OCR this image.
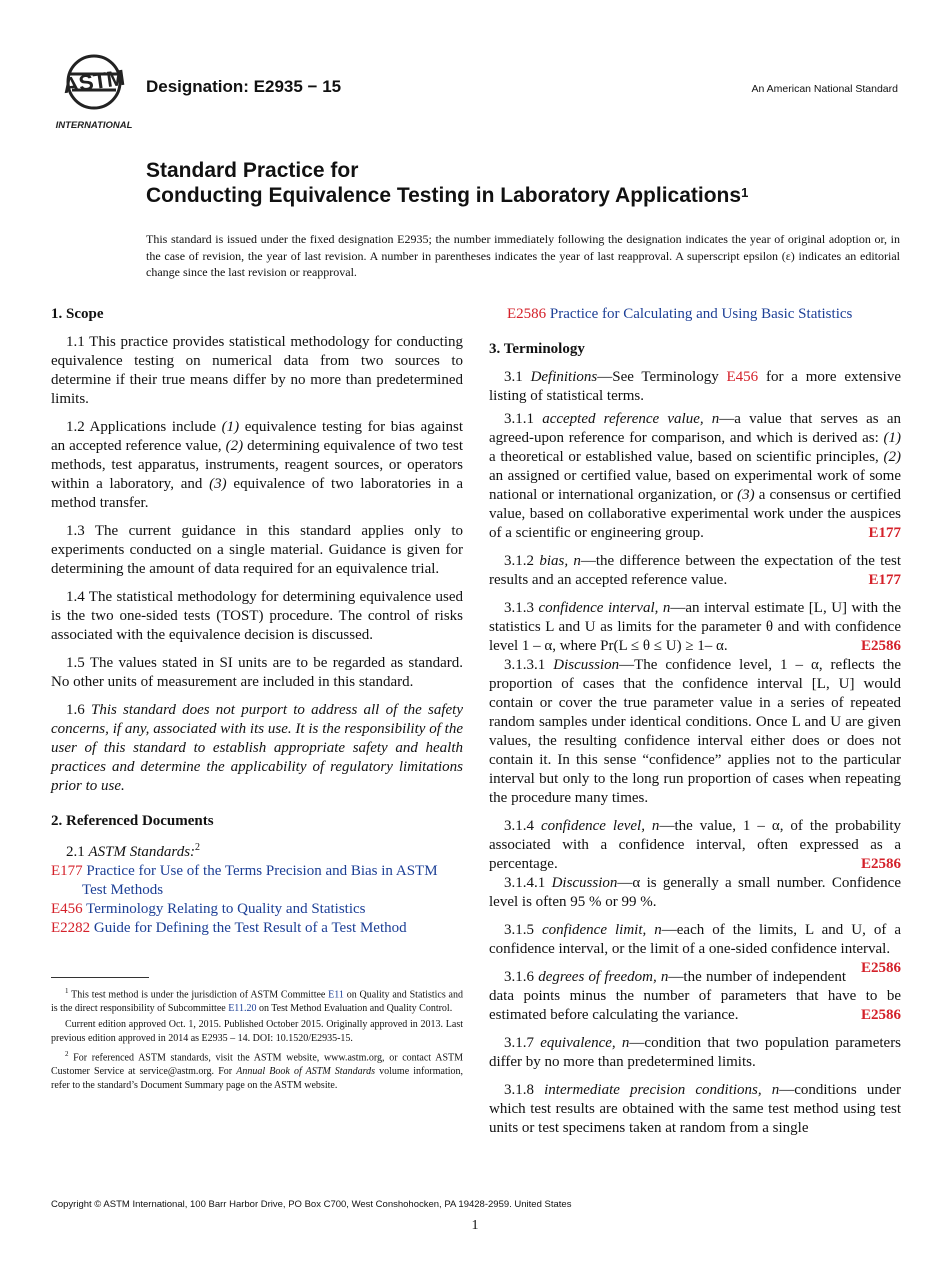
ASTM
INTERNATIONAL
Designation: E2935 − 15	An American National Standard
Standard Practice for
Conducting Equivalence Testing in Laboratory Applications$^1$
This standard is issued under the fixed designation E2935; the number immediately following the designation indicates the year of original adoption or, in the case of revision, the year of last revision. A number in parentheses indicates the year of last reapproval. A superscript epsilon (ε) indicates an editorial change since the last revision or reapproval.

1. Scope

1.1 This practice provides statistical methodology for conducting equivalence testing on numerical data from two sources to determine if their true means differ by no more than predetermined limits.

1.2 Applications include (1) equivalence testing for bias against an accepted reference value, (2) determining equivalence of two test methods, test apparatus, instruments, reagent sources, or operators within a laboratory, and (3) equivalence of two laboratories in a method transfer.

1.3 The current guidance in this standard applies only to experiments conducted on a single material. Guidance is given for determining the amount of data required for an equivalence trial.

1.4 The statistical methodology for determining equivalence used is the two one-sided tests (TOST) procedure. The control of risks associated with the equivalence decision is discussed.

1.5 The values stated in SI units are to be regarded as standard. No other units of measurement are included in this standard.

1.6 This standard does not purport to address all of the safety concerns, if any, associated with its use. It is the responsibility of the user of this standard to establish appropriate safety and health practices and determine the applicability of regulatory limitations prior to use.

2. Referenced Documents

2.1 ASTM Standards:$^2$

E177 Practice for Use of the Terms Precision and Bias in ASTM Test Methods

E456 Terminology Relating to Quality and Statistics

E2282 Guide for Defining the Test Result of a Test Method

$^1$ This test method is under the jurisdiction of ASTM Committee E11 on Quality and Statistics and is the direct responsibility of Subcommittee E11.20 on Test Method Evaluation and Quality Control.

Current edition approved Oct. 1, 2015. Published October 2015. Originally approved in 2013. Last previous edition approved in 2014 as E2935 – 14. DOI: 10.1520/E2935-15.

$^2$ For referenced ASTM standards, visit the ASTM website, www.astm.org, or contact ASTM Customer Service at service@astm.org. For Annual Book of ASTM Standards volume information, refer to the standard’s Document Summary page on the ASTM website.

E2586 Practice for Calculating and Using Basic Statistics

3. Terminology

3.1 Definitions—See Terminology E456 for a more extensive listing of statistical terms.

3.1.1 accepted reference value, n—a value that serves as an agreed-upon reference for comparison, and which is derived as: (1) a theoretical or established value, based on scientific principles, (2) an assigned or certified value, based on experimental work of some national or international organization, or (3) a consensus or certified value, based on collaborative experimental work under the auspices of a scientific or engineering group.	E177

3.1.2 bias, n—the difference between the expectation of the test results and an accepted reference value.	E177

3.1.3 confidence interval, n—an interval estimate [L, U] with the statistics L and U as limits for the parameter θ and with confidence level 1 – α, where Pr(L ≤ θ ≤ U) ≥ 1– α.	E2586

3.1.3.1 Discussion—The confidence level, 1 – α, reflects the proportion of cases that the confidence interval [L, U] would contain or cover the true parameter value in a series of repeated random samples under identical conditions. Once L and U are given values, the resulting confidence interval either does or does not contain it. In this sense “confidence” applies not to the particular interval but only to the long run proportion of cases when repeating the procedure many times.

3.1.4 confidence level, n—the value, 1 – α, of the probability associated with a confidence interval, often expressed as a percentage.	E2586

3.1.4.1 Discussion—α is generally a small number. Confidence level is often 95 % or 99 %.

3.1.5 confidence limit, n—each of the limits, L and U, of a confidence interval, or the limit of a one-sided confidence interval.
E2586

3.1.6 degrees of freedom, n—the number of independent data points minus the number of parameters that have to be estimated before calculating the variance.	E2586

3.1.7 equivalence, n—condition that two population parameters differ by no more than predetermined limits.

3.1.8 intermediate precision conditions, n—conditions under which test results are obtained with the same test method using test units or test specimens taken at random from a single

Copyright © ASTM International, 100 Barr Harbor Drive, PO Box C700, West Conshohocken, PA 19428-2959. United States
1
